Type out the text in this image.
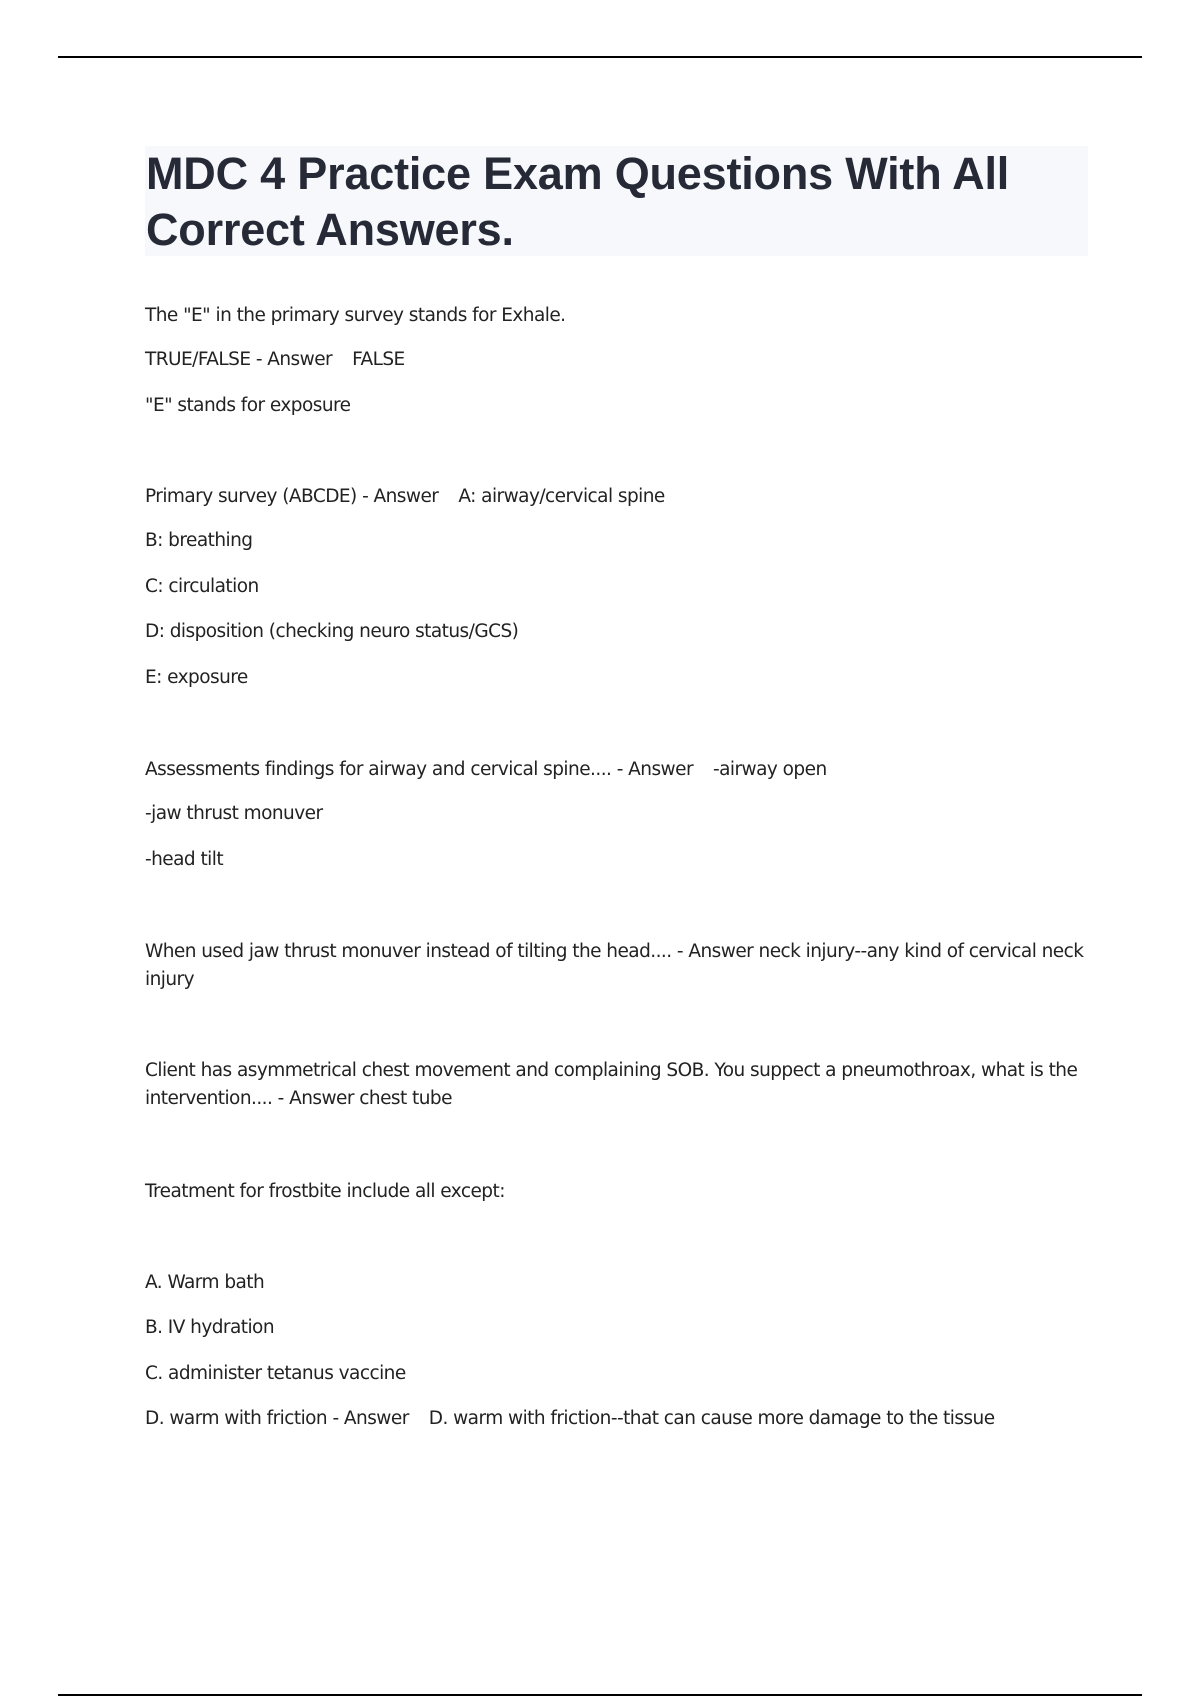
MDC 4 Practice Exam Questions With All Correct Answers.

The "E" in the primary survey stands for Exhale.

TRUE/FALSE - Answer FALSE

"E" stands for exposure

Primary survey (ABCDE) - Answer A: airway/cervical spine

B: breathing

C: circulation

D: disposition (checking neuro status/GCS)

E: exposure

Assessments findings for airway and cervical spine.... - Answer -airway open

-jaw thrust monuver

-head tilt

When used jaw thrust monuver instead of tilting the head.... - Answer neck injury--any kind of cervical neck injury

Client has asymmetrical chest movement and complaining SOB. You suppect a pneumothroax, what is the intervention.... - Answer chest tube

Treatment for frostbite include all except:

A. Warm bath

B. IV hydration

C. administer tetanus vaccine

D. warm with friction - Answer D. warm with friction--that can cause more damage to the tissue
